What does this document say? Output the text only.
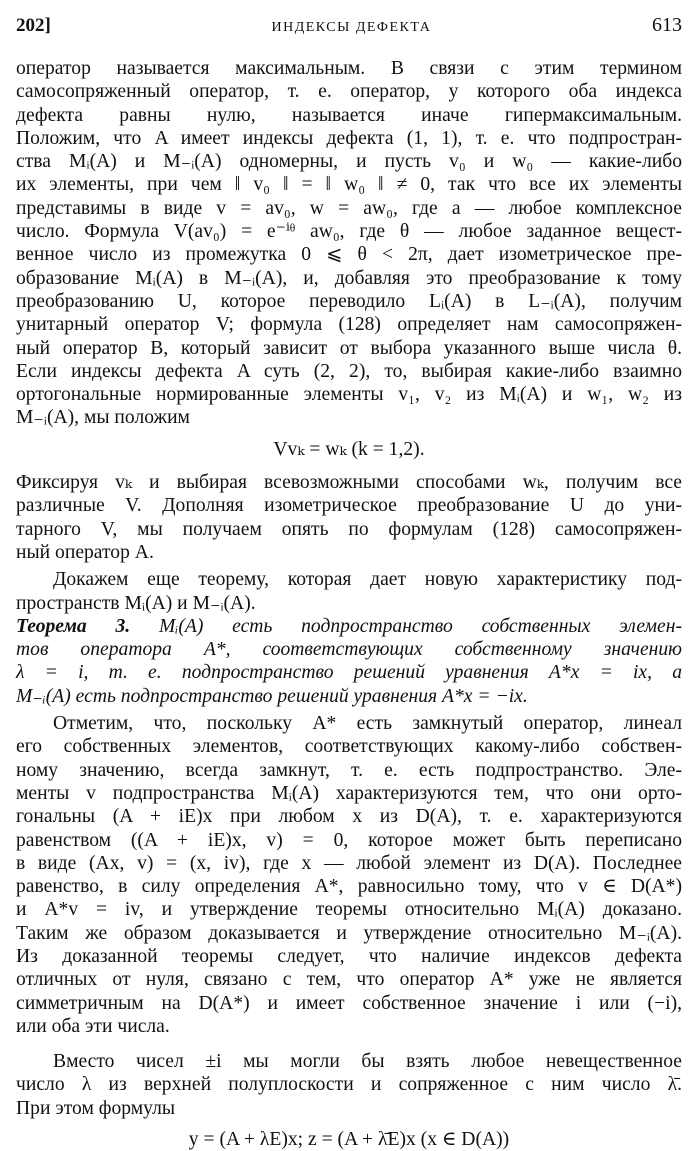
202]	ИНДЕКСЫ ДЕФЕКТА	613

оператор называется максимальным. В связи с этим термином
самосопряженный оператор, т. е. оператор, у которого оба индекса
дефекта равны нулю, называется иначе гипермаксимальным.
Положим, что A имеет индексы дефекта (1, 1), т. е. что подпростран-
ства Mᵢ(A) и M₋ᵢ(A) одномерны, и пусть v₀ и w₀ — какие-либо
их элементы, при чем ‖ v₀ ‖ = ‖ w₀ ‖ ≠ 0, так что все их элементы
представимы в виде v = av₀, w = aw₀, где a — любое комплексное
число. Формула V(av₀) = e⁻ⁱᶿ aw₀, где θ — любое заданное вещест-
венное число из промежутка 0 ⩽ θ < 2π, дает изометрическое пре-
образование Mᵢ(A) в M₋ᵢ(A), и, добавляя это преобразование к тому
преобразованию U, которое переводило Lᵢ(A) в L₋ᵢ(A), получим
унитарный оператор V; формула (128) определяет нам самосопряжен-
ный оператор B, который зависит от выбора указанного выше числа θ.
Если индексы дефекта A суть (2, 2), то, выбирая какие-либо взаимно
ортогональные нормированные элементы v₁, v₂ из Mᵢ(A) и w₁, w₂ из
M₋ᵢ(A), мы положим

Vvₖ = wₖ (k = 1,2).

Фиксируя vₖ и выбирая всевозможными способами wₖ, получим все
различные V. Дополняя изометрическое преобразование U до уни-
тарного V, мы получаем опять по формулам (128) самосопряжен-
ный оператор A.

Докажем еще теорему, которая дает новую характеристику под-
пространств Mᵢ(A) и M₋ᵢ(A).

Теорема 3. Mᵢ(A) есть подпространство собственных элемен-
тов оператора A*, соответствующих собственному значению
λ = i, т. е. подпространство решений уравнения A*x = ix, а
M₋ᵢ(A) есть подпространство решений уравнения A*x = −ix.

Отметим, что, поскольку A* есть замкнутый оператор, линеал
его собственных элементов, соответствующих какому-либо собствен-
ному значению, всегда замкнут, т. е. есть подпространство. Эле-
менты v подпространства Mᵢ(A) характеризуются тем, что они орто-
гональны (A + iE)x при любом x из D(A), т. е. характеризуются
равенством ((A + iE)x, v) = 0, которое может быть переписано
в виде (Ax, v) = (x, iv), где x — любой элемент из D(A). Последнее
равенство, в силу определения A*, равносильно тому, что v ∈ D(A*)
и A*v = iv, и утверждение теоремы относительно Mᵢ(A) доказано.
Таким же образом доказывается и утверждение относительно M₋ᵢ(A).
Из доказанной теоремы следует, что наличие индексов дефекта
отличных от нуля, связано с тем, что оператор A* уже не является
симметричным на D(A*) и имеет собственное значение i или (−i),
или оба эти числа.

Вместо чисел ±i мы могли бы взять любое невещественное
число λ из верхней полуплоскости и сопряженное с ним число λ̄.
При этом формулы

y = (A + λE)x; z = (A + λ̄E)x (x ∈ D(A))
